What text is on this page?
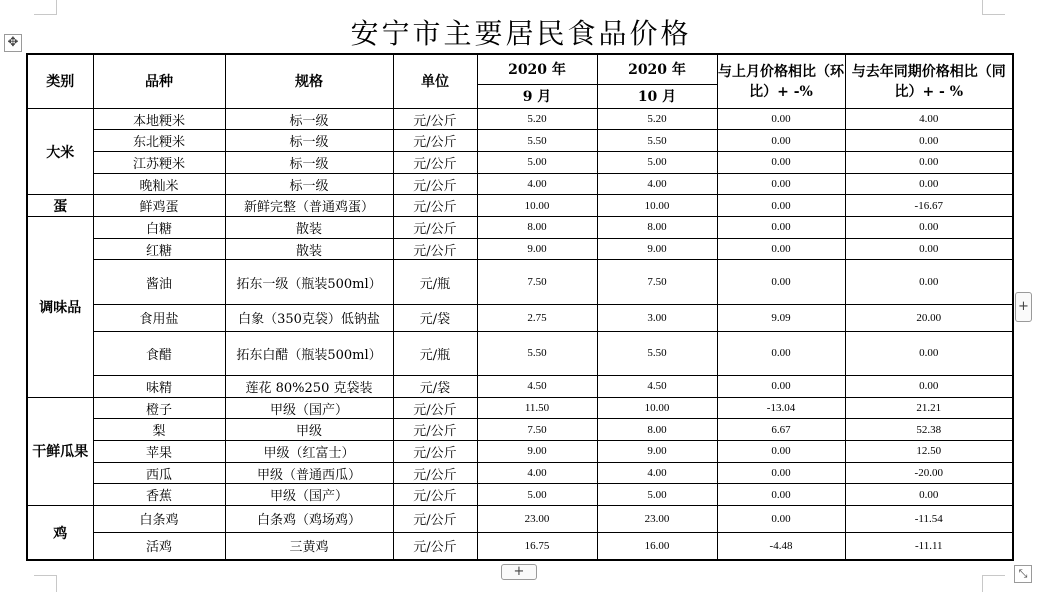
✥	安宁市主要居民食品价格
类别	品种	规格	单位	2020 年	2020 年	与上月价格相比（环比）+ -%	与去年同期价格相比（同比）+ - %
				9 月	10 月		
大米	本地粳米	标一级	元/公斤	5.20	5.20	0.00	4.00
	东北粳米	标一级	元/公斤	5.50	5.50	0.00	0.00
	江苏粳米	标一级	元/公斤	5.00	5.00	0.00	0.00
	晚籼米	标一级	元/公斤	4.00	4.00	0.00	0.00
蛋	鲜鸡蛋	新鲜完整（普通鸡蛋）	元/公斤	10.00	10.00	0.00	-16.67
调味品	白糖	散装	元/公斤	8.00	8.00	0.00	0.00
	红糖	散装	元/公斤	9.00	9.00	0.00	0.00
	酱油	拓东一级（瓶装500ml）	元/瓶	7.50	7.50	0.00	0.00
	食用盐	白象（350克袋）低钠盐	元/袋	2.75	3.00	9.09	20.00
	食醋	拓东白醋（瓶装500ml）	元/瓶	5.50	5.50	0.00	0.00
	味精	莲花 80%250 克袋装	元/袋	4.50	4.50	0.00	0.00
干鲜瓜果	橙子	甲级（国产）	元/公斤	11.50	10.00	-13.04	21.21
	梨	甲级	元/公斤	7.50	8.00	6.67	52.38
	苹果	甲级（红富士）	元/公斤	9.00	9.00	0.00	12.50
	西瓜	甲级（普通西瓜）	元/公斤	4.00	4.00	0.00	-20.00
	香蕉	甲级（国产）	元/公斤	5.00	5.00	0.00	0.00
鸡	白条鸡	白条鸡（鸡场鸡）	元/公斤	23.00	23.00	0.00	-11.54
	活鸡	三黄鸡	元/公斤	16.75	16.00	-4.48	-11.11
+
+
⤡
